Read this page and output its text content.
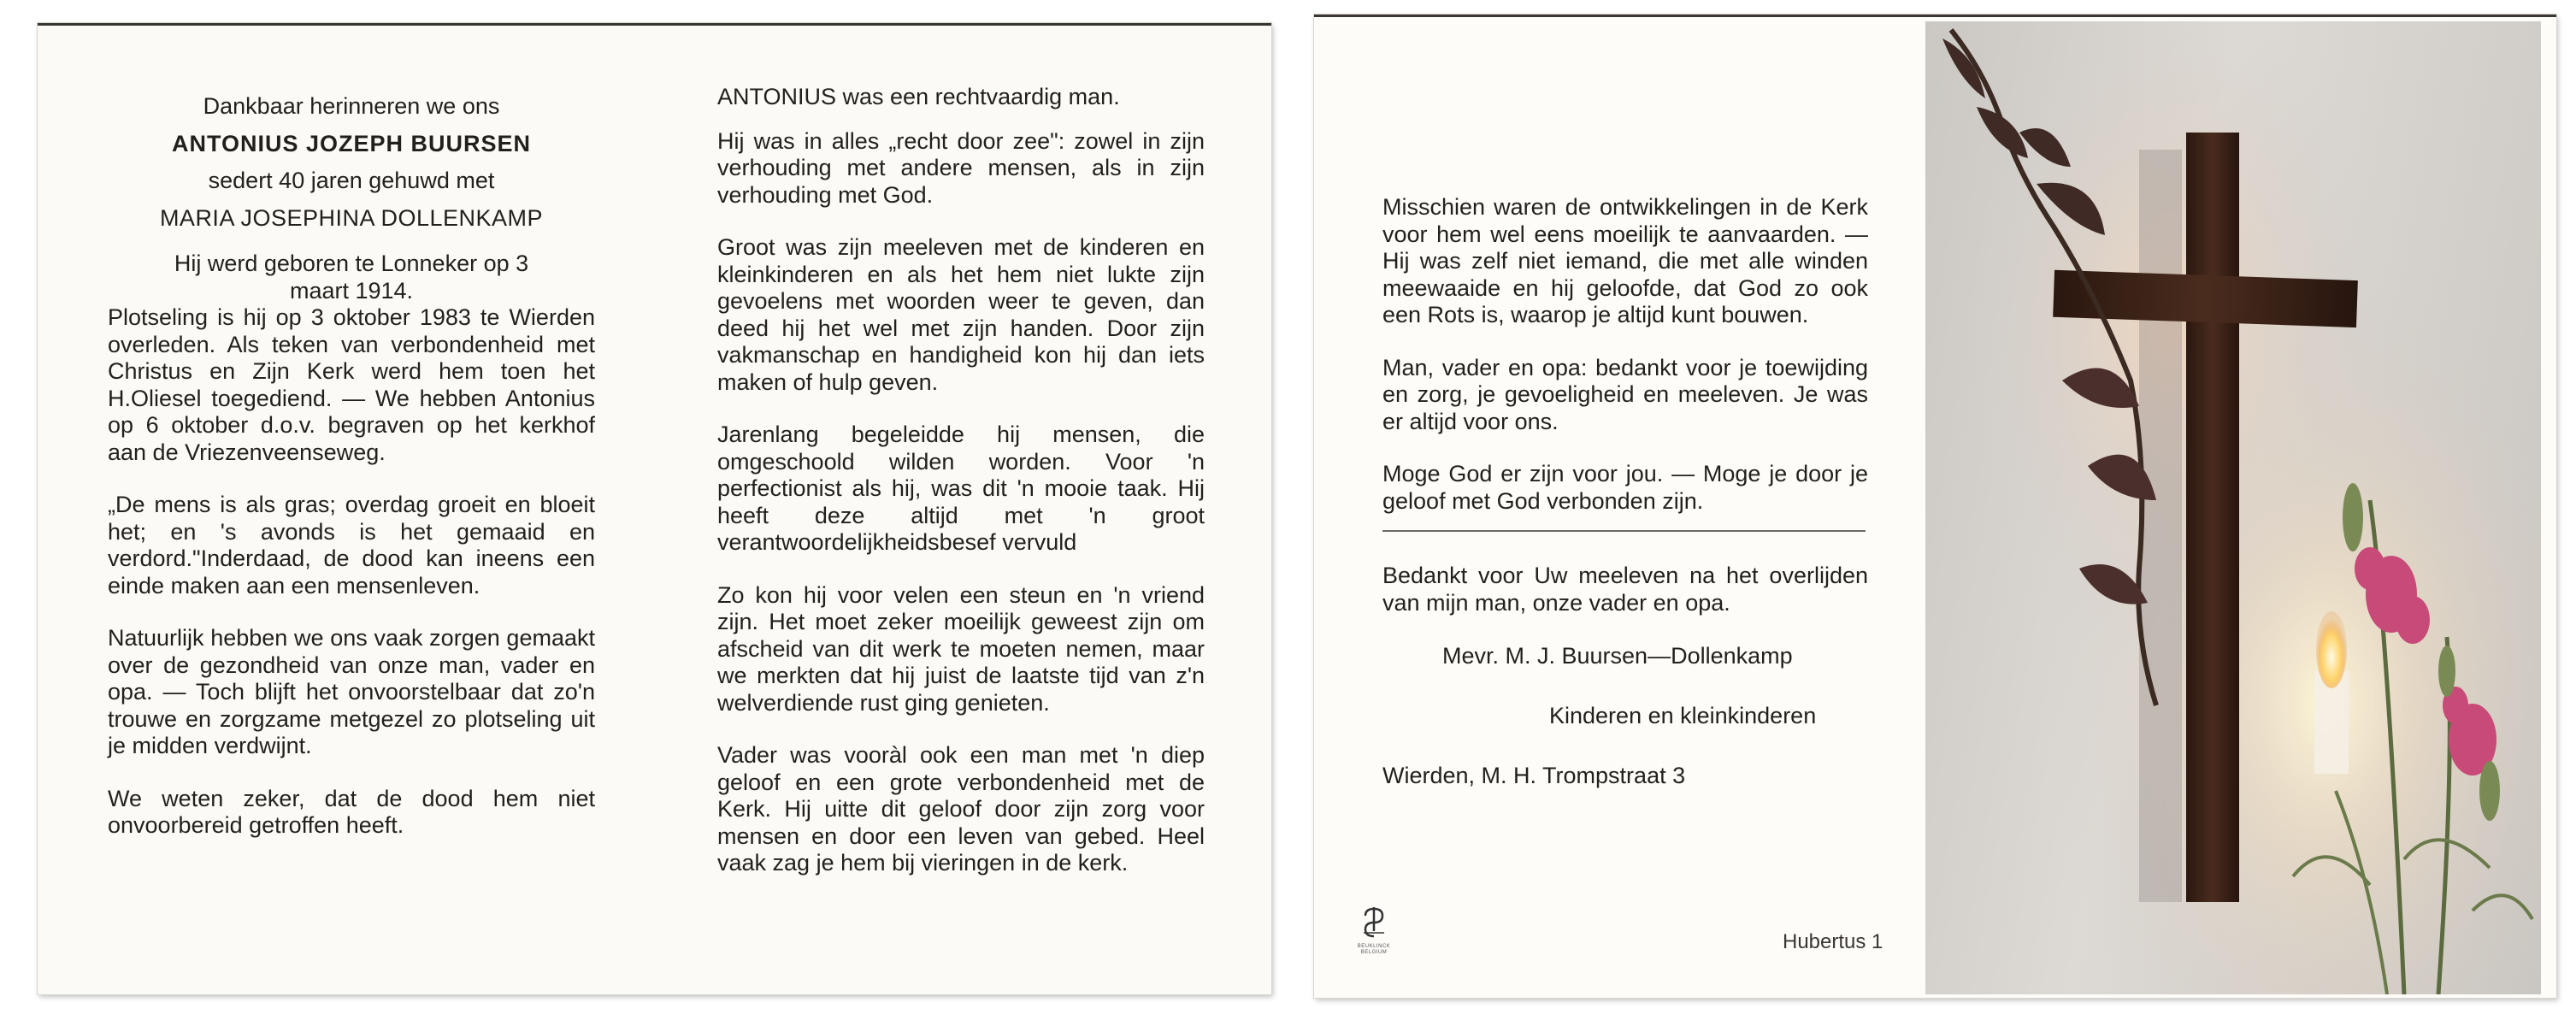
Dankbaar herinneren we ons

ANTONIUS JOZEPH BUURSEN

sedert 40 jaren gehuwd met

MARIA JOSEPHINA DOLLENKAMP

Hij werd geboren te Lonneker op 3 maart 1914.

Plotseling is hij op 3 oktober 1983 te Wierden overleden. Als teken van verbondenheid met Christus en Zijn Kerk werd hem toen het H.Oliesel toegediend. — We hebben Antonius op 6 oktober d.o.v. begraven op het kerkhof aan de Vriezenveenseweg.

„De mens is als gras; overdag groeit en bloeit het; en 's avonds is het gemaaid en verdord."Inderdaad, de dood kan ineens een einde maken aan een mensenleven.

Natuurlijk hebben we ons vaak zorgen gemaakt over de gezondheid van onze man, vader en opa. — Toch blijft het onvoorstelbaar dat zo'n trouwe en zorgzame metgezel zo plotseling uit je midden verdwijnt.

We weten zeker, dat de dood hem niet onvoorbereid getroffen heeft.

ANTONIUS was een rechtvaardig man.

Hij was in alles „recht door zee": zowel in zijn verhouding met andere mensen, als in zijn verhouding met God.

Groot was zijn meeleven met de kinderen en kleinkinderen en als het hem niet lukte zijn gevoelens met woorden weer te geven, dan deed hij het wel met zijn handen. Door zijn vakmanschap en handigheid kon hij dan iets maken of hulp geven.

Jarenlang begeleidde hij mensen, die omgeschoold wilden worden. Voor 'n perfectionist als hij, was dit 'n mooie taak. Hij heeft deze altijd met 'n groot verantwoordelijkheidsbesef vervuld

Zo kon hij voor velen een steun en 'n vriend zijn. Het moet zeker moeilijk geweest zijn om afscheid van dit werk te moeten nemen, maar we merkten dat hij juist de laatste tijd van z'n welverdiende rust ging genieten.

Vader was vooràl ook een man met 'n diep geloof en een grote verbondenheid met de Kerk. Hij uitte dit geloof door zijn zorg voor mensen en door een leven van gebed. Heel vaak zag je hem bij vieringen in de kerk.

Misschien waren de ontwikkelingen in de Kerk voor hem wel eens moeilijk te aanvaarden. — Hij was zelf niet iemand, die met alle winden meewaaide en hij geloofde, dat God zo ook een Rots is, waarop je altijd kunt bouwen.

Man, vader en opa: bedankt voor je toewijding en zorg, je gevoeligheid en meeleven. Je was er altijd voor ons.

Moge God er zijn voor jou. — Moge je door je geloof met God verbonden zijn.

Bedankt voor Uw meeleven na het overlijden van mijn man, onze vader en opa.

Mevr. M. J. Buursen—Dollenkamp

Kinderen en kleinkinderen

Wierden, M. H. Trompstraat 3

BEUKLINCK
BELGIUM	Hubertus 1
